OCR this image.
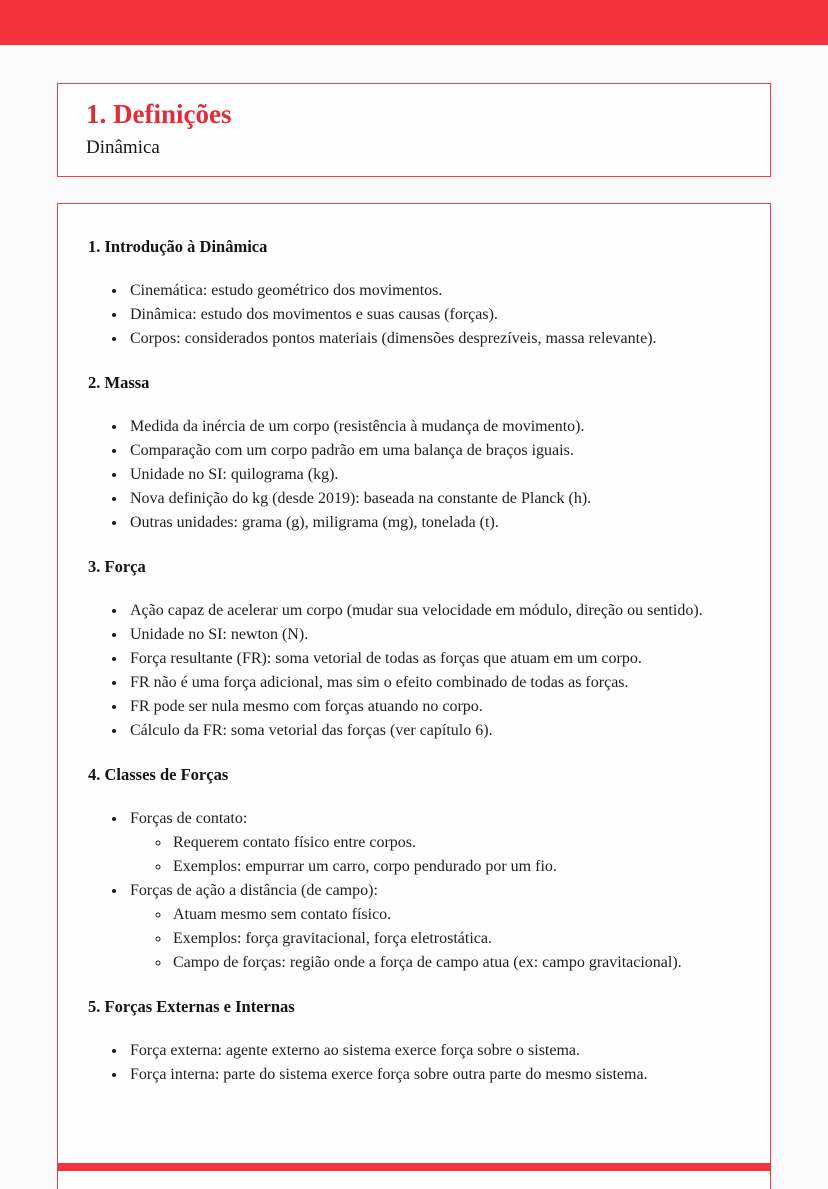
1. Definições
Dinâmica
1. Introdução à Dinâmica
• Cinemática: estudo geométrico dos movimentos.
• Dinâmica: estudo dos movimentos e suas causas (forças).
• Corpos: considerados pontos materiais (dimensões desprezíveis, massa relevante).
2. Massa
• Medida da inércia de um corpo (resistência à mudança de movimento).
• Comparação com um corpo padrão em uma balança de braços iguais.
• Unidade no SI: quilograma (kg).
• Nova definição do kg (desde 2019): baseada na constante de Planck (h).
• Outras unidades: grama (g), miligrama (mg), tonelada (t).
3. Força
• Ação capaz de acelerar um corpo (mudar sua velocidade em módulo, direção ou sentido).
• Unidade no SI: newton (N).
• Força resultante (FR): soma vetorial de todas as forças que atuam em um corpo.
• FR não é uma força adicional, mas sim o efeito combinado de todas as forças.
• FR pode ser nula mesmo com forças atuando no corpo.
• Cálculo da FR: soma vetorial das forças (ver capítulo 6).
4. Classes de Forças
• Forças de contato:
◦ Requerem contato físico entre corpos.
◦ Exemplos: empurrar um carro, corpo pendurado por um fio.
• Forças de ação a distância (de campo):
◦ Atuam mesmo sem contato físico.
◦ Exemplos: força gravitacional, força eletrostática.
◦ Campo de forças: região onde a força de campo atua (ex: campo gravitacional).
5. Forças Externas e Internas
• Força externa: agente externo ao sistema exerce força sobre o sistema.
• Força interna: parte do sistema exerce força sobre outra parte do mesmo sistema.
